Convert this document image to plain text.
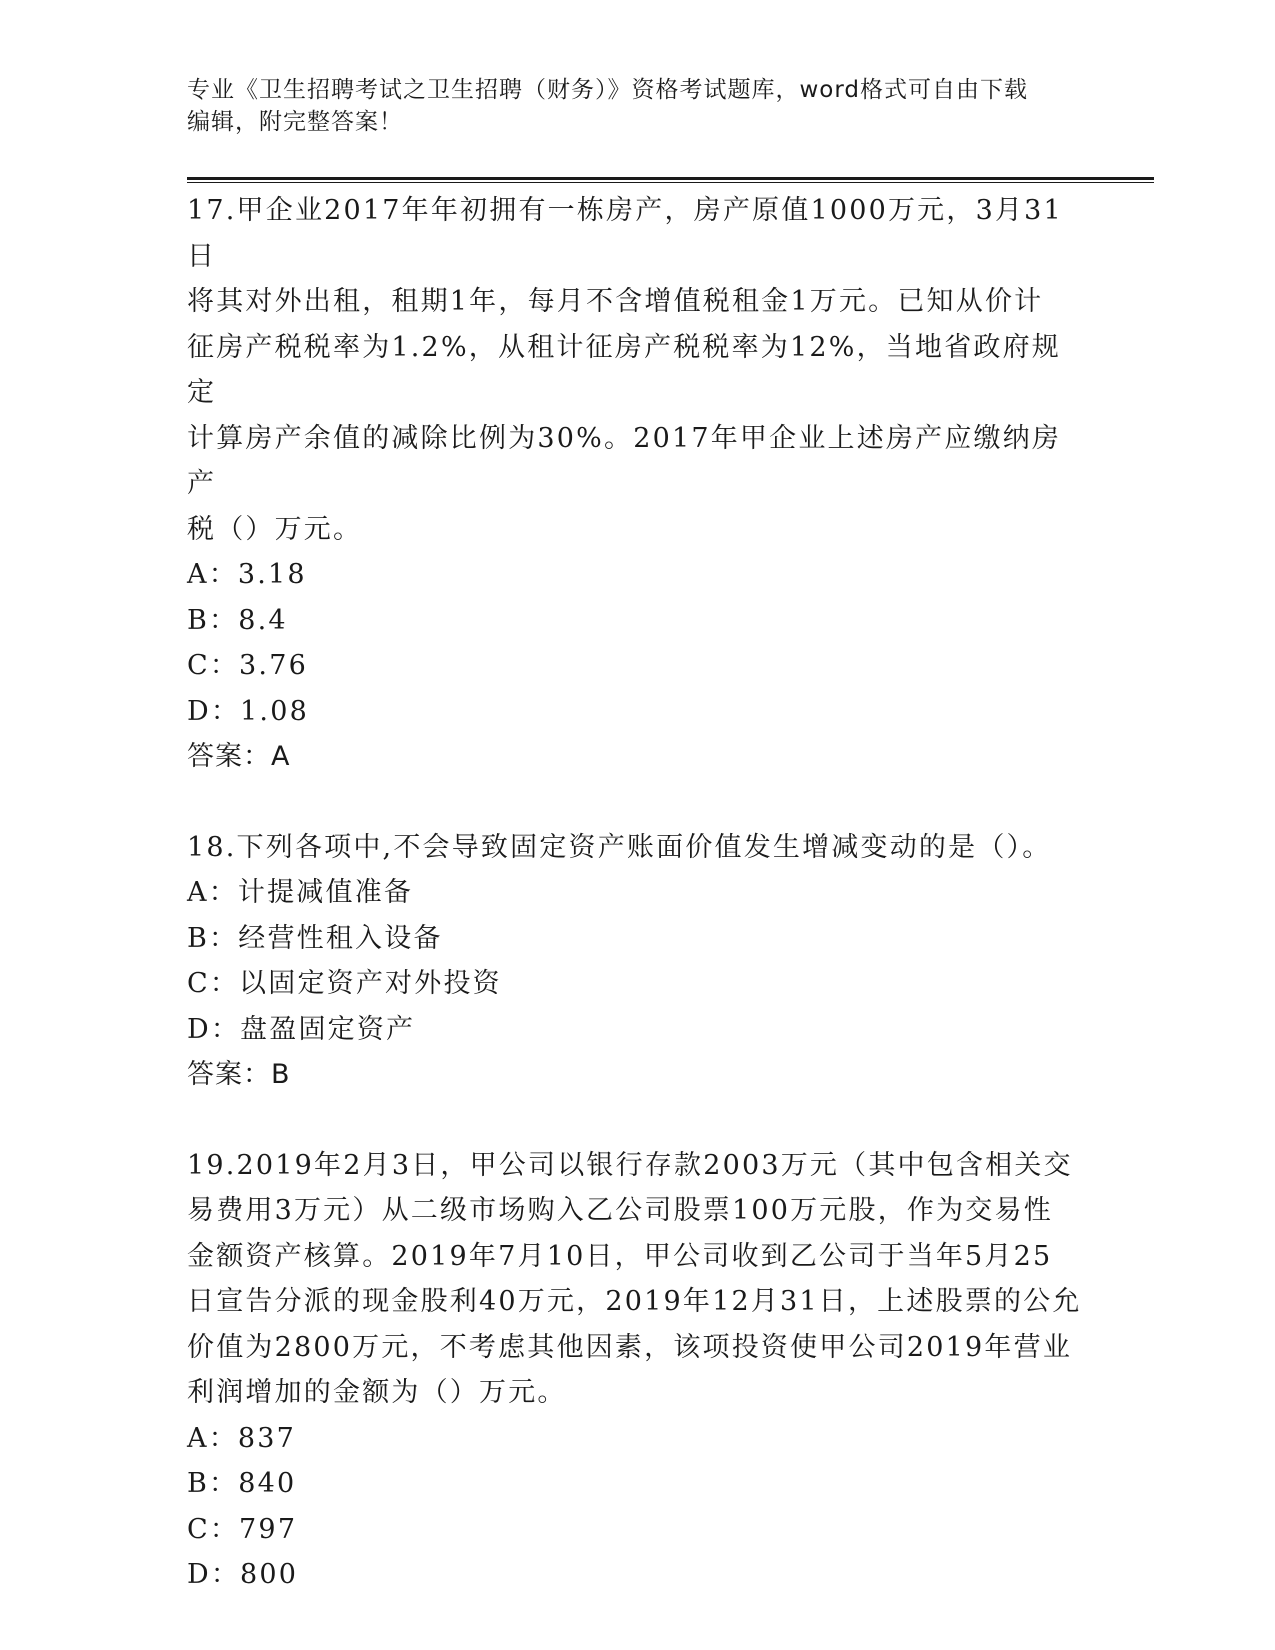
专业《卫生招聘考试之卫生招聘（财务）》资格考试题库，word格式可自由下载
编辑，附完整答案！
17.甲企业2017年年初拥有一栋房产，房产原值1000万元，3月31日
将其对外出租，租期1年，每月不含增值税租金1万元。已知从价计
征房产税税率为1.2%，从租计征房产税税率为12%，当地省政府规定
计算房产余值的减除比例为30%。2017年甲企业上述房产应缴纳房产
税（）万元。
A：3.18
B：8.4
C：3.76
D：1.08
答案：A
18.下列各项中,不会导致固定资产账面价值发生增减变动的是（）。
A：计提减值准备
B：经营性租入设备
C：以固定资产对外投资
D：盘盈固定资产
答案：B
19.2019年2月3日，甲公司以银行存款2003万元（其中包含相关交
易费用3万元）从二级市场购入乙公司股票100万元股，作为交易性
金额资产核算。2019年7月10日，甲公司收到乙公司于当年5月25
日宣告分派的现金股利40万元，2019年12月31日，上述股票的公允
价值为2800万元，不考虑其他因素，该项投资使甲公司2019年营业
利润增加的金额为（）万元。
A：837
B：840
C：797
D：800
